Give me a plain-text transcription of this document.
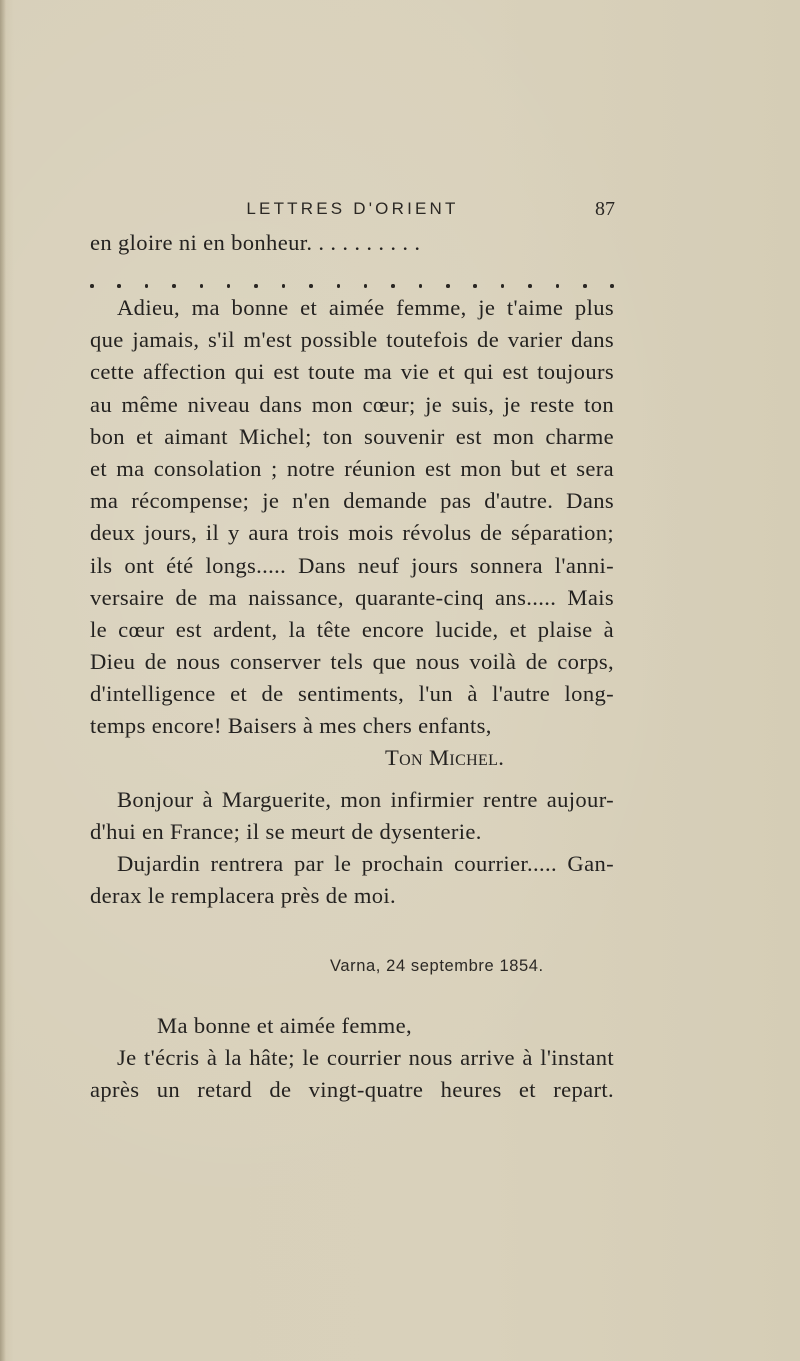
LETTRES D'ORIENT	87
en gloire ni en bonheur. . . . . . . . . .
Adieu, ma bonne et aimée femme, je t'aime plus
que jamais, s'il m'est possible toutefois de varier dans
cette affection qui est toute ma vie et qui est toujours
au même niveau dans mon cœur; je suis, je reste ton
bon et aimant Michel; ton souvenir est mon charme
et ma consolation ; notre réunion est mon but et sera
ma récompense; je n'en demande pas d'autre. Dans
deux jours, il y aura trois mois révolus de séparation;
ils ont été longs..... Dans neuf jours sonnera l'anni-
versaire de ma naissance, quarante-cinq ans..... Mais
le cœur est ardent, la tête encore lucide, et plaise à
Dieu de nous conserver tels que nous voilà de corps,
d'intelligence et de sentiments, l'un à l'autre long-
temps encore! Baisers à mes chers enfants,
Ton Michel.
Bonjour à Marguerite, mon infirmier rentre aujour-
d'hui en France; il se meurt de dysenterie.
Dujardin rentrera par le prochain courrier..... Gan-
derax le remplacera près de moi.
Ma bonne et aimée femme,
Je t'écris à la hâte; le courrier nous arrive à l'instant
après un retard de vingt-quatre heures et repart.
Varna, 24 septembre 1854.
